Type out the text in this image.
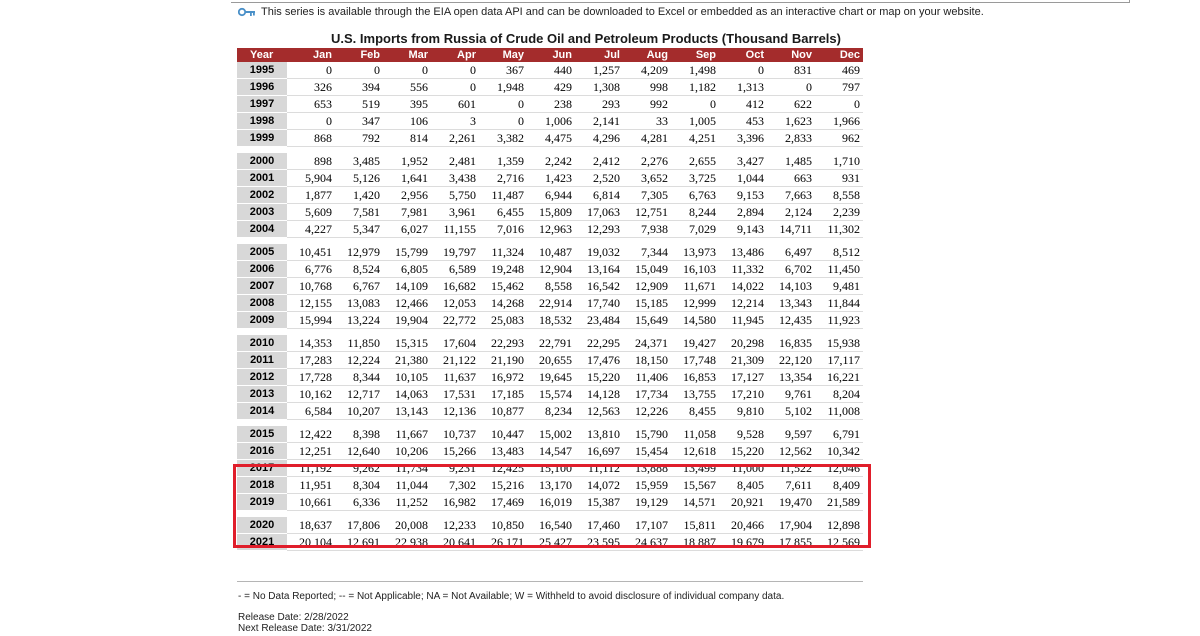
This series is available through the EIA open data API and can be downloaded to Excel or embedded as an interactive chart or map on your website.
U.S. Imports from Russia of Crude Oil and Petroleum Products (Thousand Barrels)
Year	Jan	Feb	Mar	Apr	May	Jun	Jul	Aug	Sep	Oct	Nov	Dec
1995	0	0	0	0	367	440	1,257	4,209	1,498	0	831	469
1996	326	394	556	0	1,948	429	1,308	998	1,182	1,313	0	797
1997	653	519	395	601	0	238	293	992	0	412	622	0
1998	0	347	106	3	0	1,006	2,141	33	1,005	453	1,623	1,966
1999	868	792	814	2,261	3,382	4,475	4,296	4,281	4,251	3,396	2,833	962

2000	898	3,485	1,952	2,481	1,359	2,242	2,412	2,276	2,655	3,427	1,485	1,710
2001	5,904	5,126	1,641	3,438	2,716	1,423	2,520	3,652	3,725	1,044	663	931
2002	1,877	1,420	2,956	5,750	11,487	6,944	6,814	7,305	6,763	9,153	7,663	8,558
2003	5,609	7,581	7,981	3,961	6,455	15,809	17,063	12,751	8,244	2,894	2,124	2,239
2004	4,227	5,347	6,027	11,155	7,016	12,963	12,293	7,938	7,029	9,143	14,711	11,302

2005	10,451	12,979	15,799	19,797	11,324	10,487	19,032	7,344	13,973	13,486	6,497	8,512
2006	6,776	8,524	6,805	6,589	19,248	12,904	13,164	15,049	16,103	11,332	6,702	11,450
2007	10,768	6,767	14,109	16,682	15,462	8,558	16,542	12,909	11,671	14,022	14,103	9,481
2008	12,155	13,083	12,466	12,053	14,268	22,914	17,740	15,185	12,999	12,214	13,343	11,844
2009	15,994	13,224	19,904	22,772	25,083	18,532	23,484	15,649	14,580	11,945	12,435	11,923

2010	14,353	11,850	15,315	17,604	22,293	22,791	22,295	24,371	19,427	20,298	16,835	15,938
2011	17,283	12,224	21,380	21,122	21,190	20,655	17,476	18,150	17,748	21,309	22,120	17,117
2012	17,728	8,344	10,105	11,637	16,972	19,645	15,220	11,406	16,853	17,127	13,354	16,221
2013	10,162	12,717	14,063	17,531	17,185	15,574	14,128	17,734	13,755	17,210	9,761	8,204
2014	6,584	10,207	13,143	12,136	10,877	8,234	12,563	12,226	8,455	9,810	5,102	11,008

2015	12,422	8,398	11,667	10,737	10,447	15,002	13,810	15,790	11,058	9,528	9,597	6,791
2016	12,251	12,640	10,206	15,266	13,483	14,547	16,697	15,454	12,618	15,220	12,562	10,342
2017	11,192	9,262	11,734	9,231	12,425	15,100	11,112	13,888	13,499	11,000	11,522	12,046
2018	11,951	8,304	11,044	7,302	15,216	13,170	14,072	15,959	15,567	8,405	7,611	8,409
2019	10,661	6,336	11,252	16,982	17,469	16,019	15,387	19,129	14,571	20,921	19,470	21,589

2020	18,637	17,806	20,008	12,233	10,850	16,540	17,460	17,107	15,811	20,466	17,904	12,898
2021	20,104	12,691	22,938	20,641	26,171	25,427	23,595	24,637	18,887	19,679	17,855	12,569
- = No Data Reported; -- = Not Applicable; NA = Not Available; W = Withheld to avoid disclosure of individual company data.
Release Date: 2/28/2022
Next Release Date: 3/31/2022
